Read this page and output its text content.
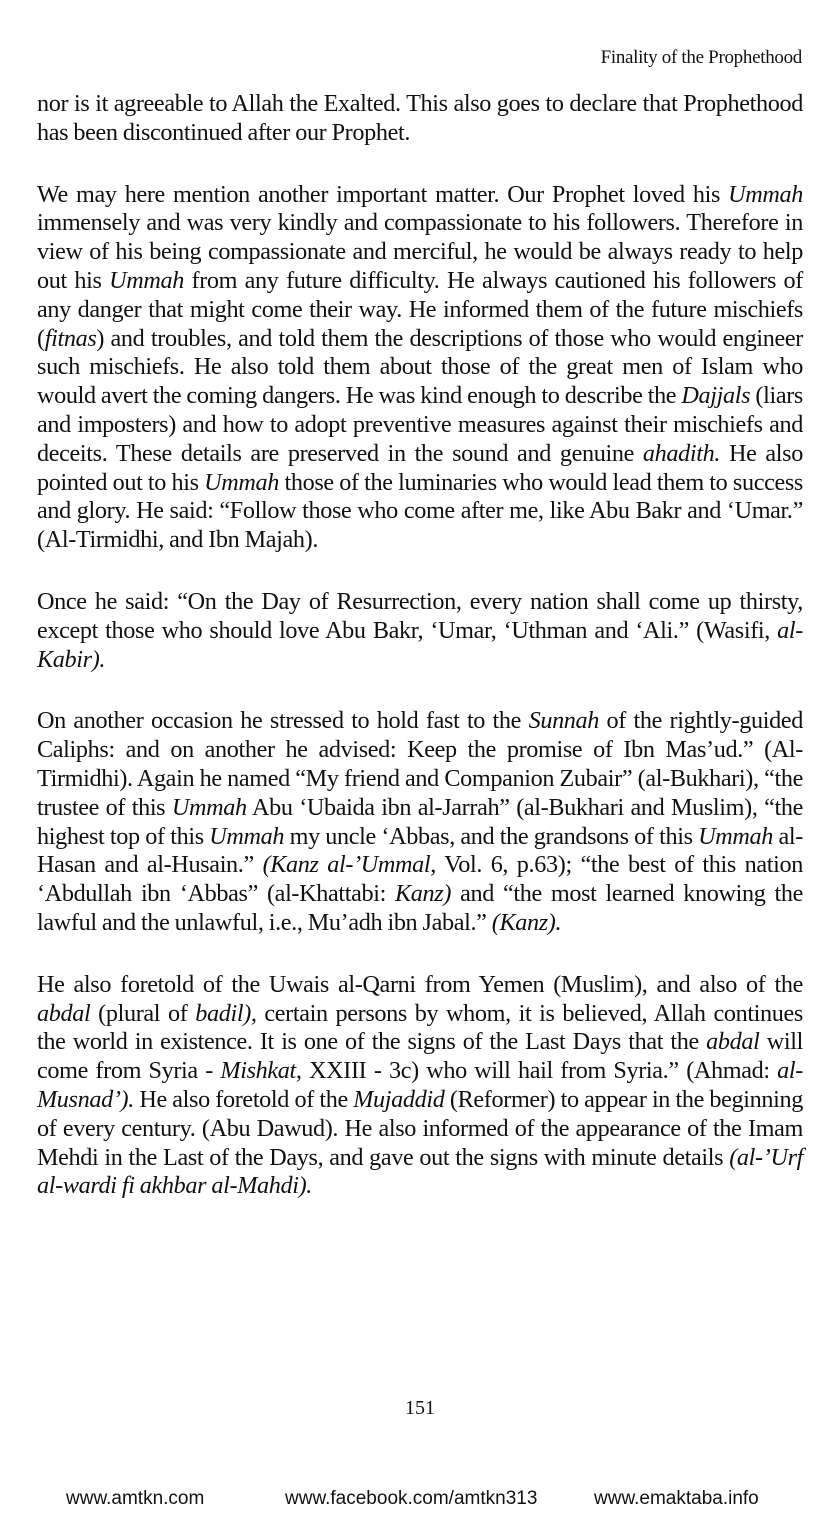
Finality of the Prophethood

nor is it agreeable to Allah the Exalted. This also goes to declare that Prophethood has been discontinued after our Prophet.

We may here mention another important matter. Our Prophet loved his Ummah immensely and was very kindly and compassionate to his followers. Therefore in view of his being compassionate and merciful, he would be always ready to help out his Ummah from any future difficulty. He always cautioned his followers of any danger that might come their way. He informed them of the future mischiefs (fitnas) and troubles, and told them the descriptions of those who would engineer such mischiefs. He also told them about those of the great men of Islam who would avert the coming dangers. He was kind enough to describe the Dajjals (liars and imposters) and how to adopt preventive measures against their mischiefs and deceits. These details are preserved in the sound and genuine ahadith. He also pointed out to his Ummah those of the luminaries who would lead them to success and glory. He said: “Follow those who come after me, like Abu Bakr and ‘Umar.” (Al-Tirmidhi, and Ibn Majah).

Once he said: “On the Day of Resurrection, every nation shall come up thirsty, except those who should love Abu Bakr, ‘Umar, ‘Uthman and ‘Ali.” (Wasifi, al-Kabir).

On another occasion he stressed to hold fast to the Sunnah of the rightly-guided Caliphs: and on another he advised: Keep the promise of Ibn Mas’ud.” (Al-Tirmidhi). Again he named “My friend and Companion Zubair” (al-Bukhari), “the trustee of this Ummah Abu ‘Ubaida ibn al-Jarrah” (al-Bukhari and Muslim), “the highest top of this Ummah my uncle ‘Abbas, and the grandsons of this Ummah al-Hasan and al-Husain.” (Kanz al-’Ummal, Vol. 6, p.63); “the best of this nation ‘Abdullah ibn ‘Abbas” (al-Khattabi: Kanz) and “the most learned knowing the lawful and the unlawful, i.e., Mu’adh ibn Jabal.” (Kanz).

He also foretold of the Uwais al-Qarni from Yemen (Muslim), and also of the abdal (plural of badil), certain persons by whom, it is believed, Allah continues the world in existence. It is one of the signs of the Last Days that the abdal will come from Syria - Mishkat, XXIII - 3c) who will hail from Syria.” (Ahmad: al-Musnad’). He also foretold of the Mujaddid (Reformer) to appear in the beginning of every century. (Abu Dawud). He also informed of the appearance of the Imam Mehdi in the Last of the Days, and gave out the signs with minute details (al-’Urf al-wardi fi akhbar al-Mahdi).

151
www.amtkn.com	www.facebook.com/amtkn313	www.emaktaba.info
